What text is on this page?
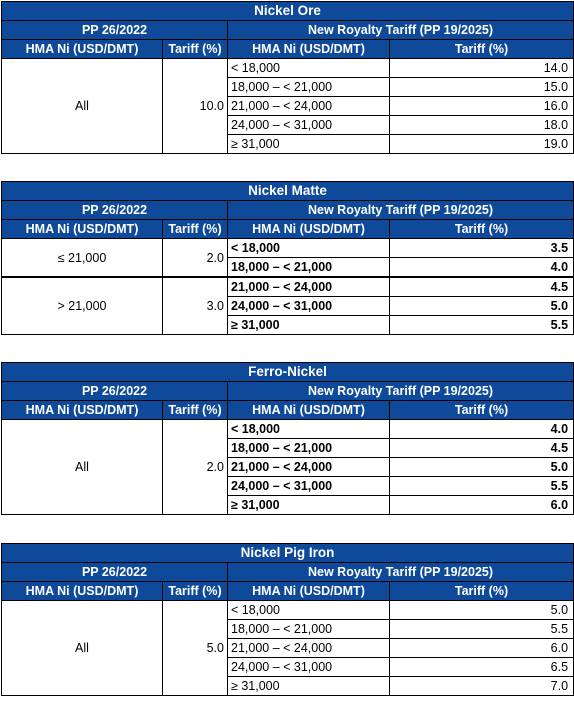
Nickel Ore			
PP 26/2022		New Royalty Tariff (PP 19/2025)	
HMA Ni (USD/DMT)	Tariff (%)	HMA Ni (USD/DMT)	Tariff (%)
All	10.0	< 18,000	14.0
		18,000 – < 21,000	15.0
		21,000 – < 24,000	16.0
		24,000 – < 31,000	18.0
		≥ 31,000	19.0
Nickel Matte			
PP 26/2022		New Royalty Tariff (PP 19/2025)	
HMA Ni (USD/DMT)	Tariff (%)	HMA Ni (USD/DMT)	Tariff (%)
≤ 21,000	2.0	< 18,000	3.5
		18,000 – < 21,000	4.0
> 21,000	3.0	21,000 – < 24,000	4.5
		24,000 – < 31,000	5.0
		≥ 31,000	5.5
Ferro-Nickel			
PP 26/2022		New Royalty Tariff (PP 19/2025)	
HMA Ni (USD/DMT)	Tariff (%)	HMA Ni (USD/DMT)	Tariff (%)
All	2.0	< 18,000	4.0
		18,000 – < 21,000	4.5
		21,000 – < 24,000	5.0
		24,000 – < 31,000	5.5
		≥ 31,000	6.0
Nickel Pig Iron			
PP 26/2022		New Royalty Tariff (PP 19/2025)	
HMA Ni (USD/DMT)	Tariff (%)	HMA Ni (USD/DMT)	Tariff (%)
All	5.0	< 18,000	5.0
		18,000 – < 21,000	5.5
		21,000 – < 24,000	6.0
		24,000 – < 31,000	6.5
		≥ 31,000	7.0
